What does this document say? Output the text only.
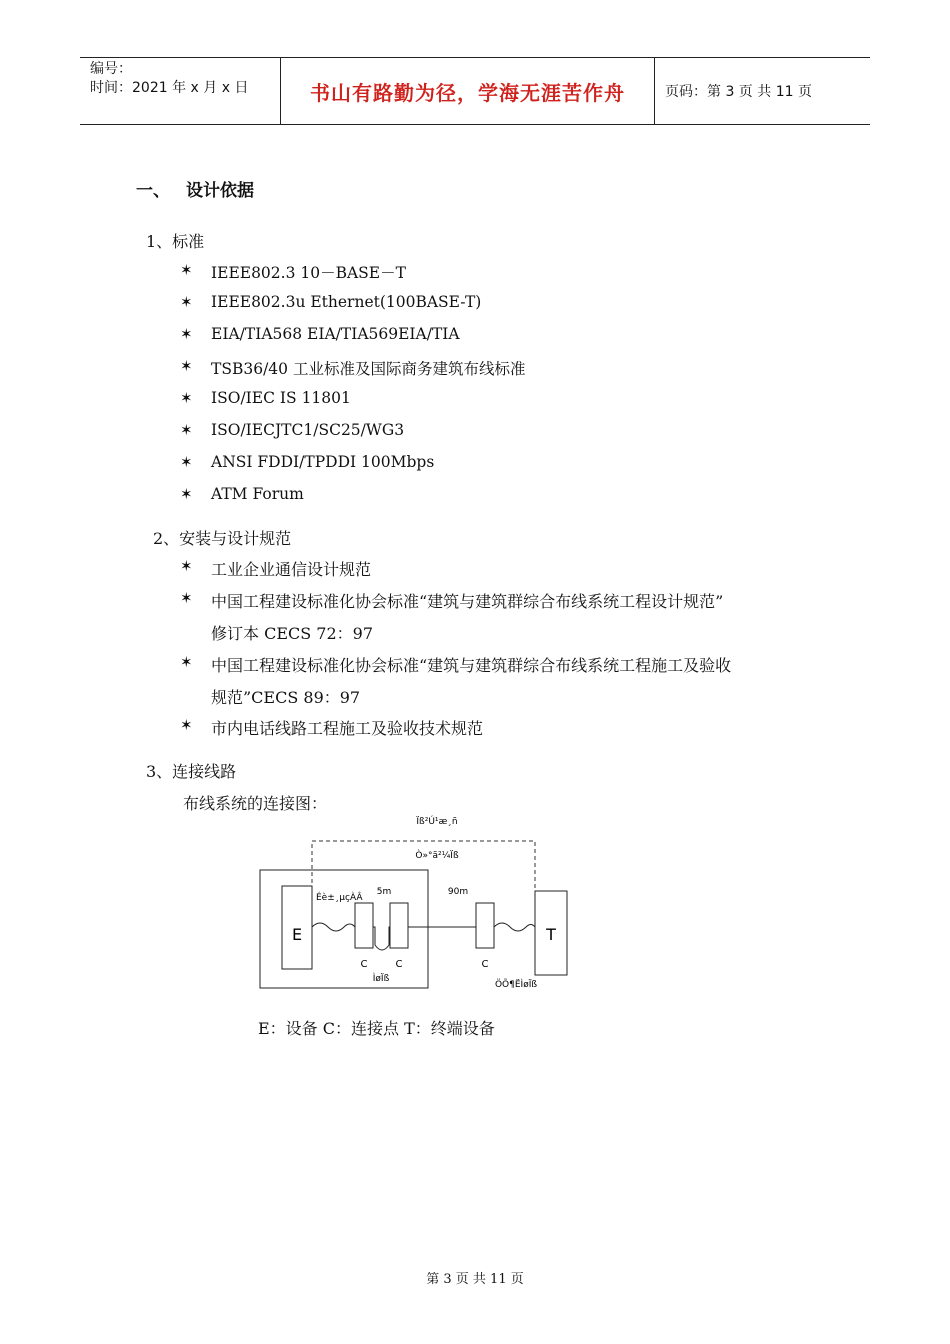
编号：
时间：2021 年 x 月 x 日	书山有路勤为径，学海无涯苦作舟	页码：第 3 页 共 11 页
一、 设计依据
1、标准
✶ IEEE802.3 10－BASE－T
✶ IEEE802.3u Ethernet(100BASE-T)
✶ EIA/TIA568 EIA/TIA569EIA/TIA
✶ TSB36/40 工业标准及国际商务建筑布线标准
✶ ISO/IEC IS 11801
✶ ISO/IECJTC1/SC25/WG3
✶ ANSI FDDI/TPDDI 100Mbps
✶ ATM Forum
2、安装与设计规范
✶ 工业企业通信设计规范
✶ 中国工程建设标准化协会标准“建筑与建筑群综合布线系统工程设计规范”
修订本 CECS 72：97
✶ 中国工程建设标准化协会标准“建筑与建筑群综合布线系统工程施工及验收
规范”CECS 89：97
✶ 市内电话线路工程施工及验收技术规范
3、连接线路
布线系统的连接图：
Ïß²Ú¹æ¸ñ
Ò»°ã²¼Ïß
E
Éè±¸µçÀÂ
5m
C	C
ÌøÏß
90m
C
T
ÖÕ¶ËÌøÏß
E：设备 C：连接点 T：终端设备
第 3 页 共 11 页
